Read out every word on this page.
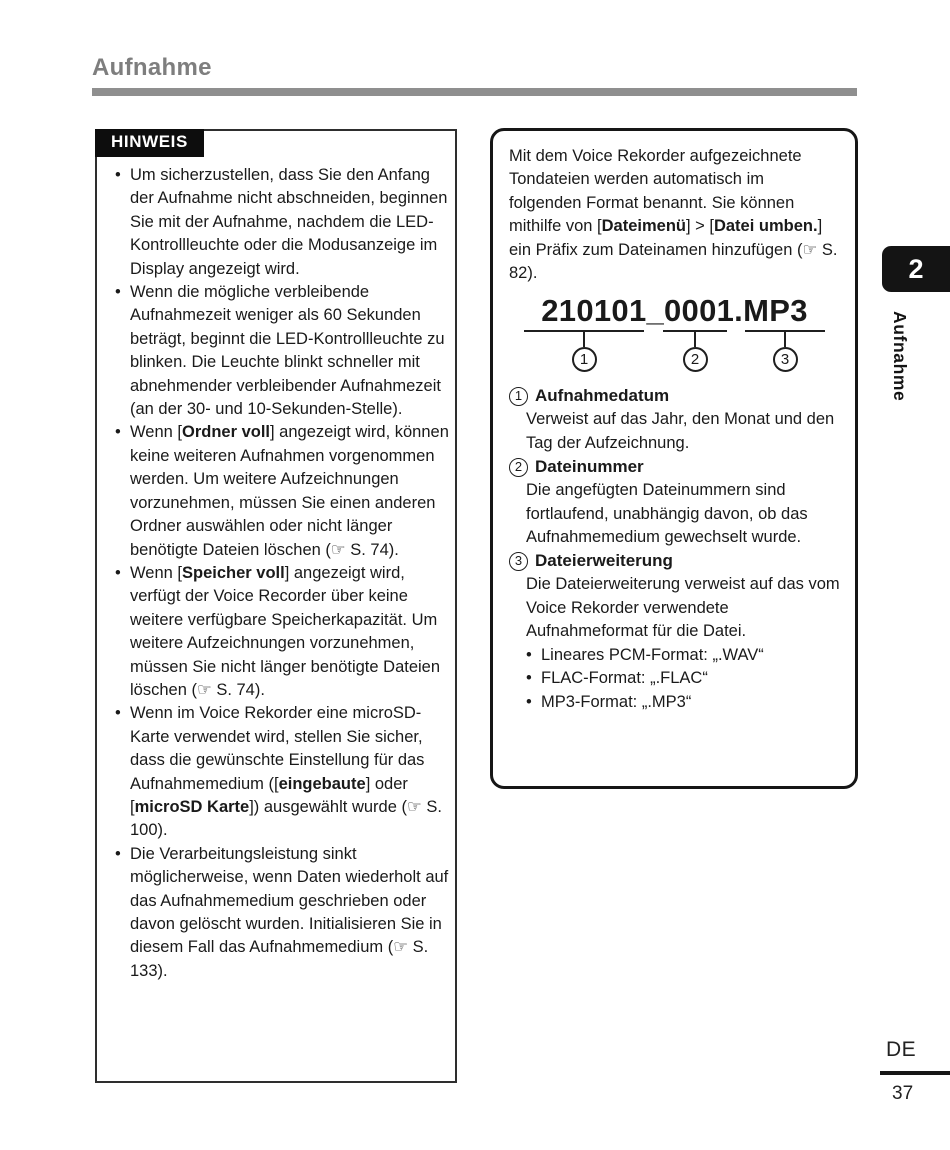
Aufnahme
HINWEIS
• Um sicherzustellen, dass Sie den Anfang der Aufnahme nicht abschneiden, beginnen Sie mit der Aufnahme, nachdem die LED-Kontrollleuchte oder die Modusanzeige im Display angezeigt wird.
• Wenn die mögliche verbleibende Aufnahmezeit weniger als 60 Sekunden beträgt, beginnt die LED-Kontrollleuchte zu blinken. Die Leuchte blinkt schneller mit abnehmender verbleibender Aufnahmezeit (an der 30- und 10-Sekunden-Stelle).
• Wenn [Ordner voll] angezeigt wird, können keine weiteren Aufnahmen vorgenommen werden. Um weitere Aufzeichnungen vorzunehmen, müssen Sie einen anderen Ordner auswählen oder nicht länger benötigte Dateien löschen (☞ S. 74).
• Wenn [Speicher voll] angezeigt wird, verfügt der Voice Recorder über keine weitere verfügbare Speicherkapazität. Um weitere Aufzeichnungen vorzunehmen, müssen Sie nicht länger benötigte Dateien löschen (☞ S. 74).
• Wenn im Voice Rekorder eine microSD-Karte verwendet wird, stellen Sie sicher, dass die gewünschte Einstellung für das Aufnahmemedium ([eingebaute] oder [microSD Karte]) ausgewählt wurde (☞ S. 100).
• Die Verarbeitungsleistung sinkt möglicherweise, wenn Daten wiederholt auf das Aufnahmemedium geschrieben oder davon gelöscht wurden. Initialisieren Sie in diesem Fall das Aufnahmemedium (☞ S. 133).

Mit dem Voice Rekorder aufgezeichnete Tondateien werden automatisch im folgenden Format benannt. Sie können mithilfe von [Dateimenü] > [Datei umben.] ein Präfix zum Dateinamen hinzufügen (☞ S. 82).

210101_0001.MP3
1	2	3
1 Aufnahmedatum

Verweist auf das Jahr, den Monat und den Tag der Aufzeichnung.

2 Dateinummer

Die angefügten Dateinummern sind fortlaufend, unabhängig davon, ob das Aufnahmemedium gewechselt wurde.

3 Dateierweiterung

Die Dateierweiterung verweist auf das vom Voice Rekorder verwendete Aufnahmeformat für die Datei.

• Lineares PCM-Format: „.WAV“
• FLAC-Format: „.FLAC“
• MP3-Format: „.MP3“
2
Aufnahme
DE
37
